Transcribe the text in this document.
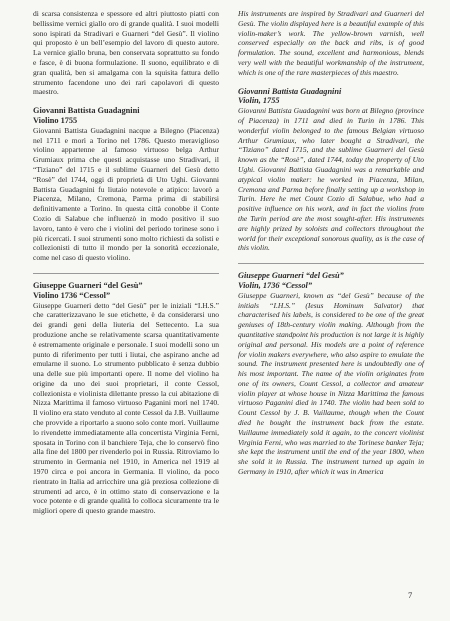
di scarsa consistenza e spessore ed altri piuttosto piatti con bellissime vernici giallo oro di grande qualità. I suoi modelli sono ispirati da Stradivari e Guarneri “del Gesù”. Il violino qui proposto è un bell’esempio del lavoro di questo autore. La vernice giallo bruna, ben conservata soprattutto su fondo e fasce, è di buona formulazione. Il suono, equilibrato e di gran qualità, ben si amalgama con la squisita fattura dello strumento facendone uno dei rari capolavori di questo maestro.

Giovanni Battista Guadagnini
Violino 1755

Giovanni Battista Guadagnini nacque a Bilegno (Piacenza) nel 1711 e morì a Torino nel 1786. Questo meraviglioso violino appartenne al famoso virtuoso belga Arthur Grumiaux prima che questi acquistasse uno Stradivari, il “Tiziano” del 1715 e il sublime Guarneri del Gesù detto “Rosè” del 1744, oggi di proprietà di Uto Ughi. Giovanni Battista Guadagnini fu liutaio notevole e atipico: lavorò a Piacenza, Milano, Cremona, Parma prima di stabilirsi definitivamente a Torino. In questa città conobbe il Conte Cozio di Salabue che influenzò in modo positivo il suo lavoro, tanto è vero che i violini del periodo torinese sono i più ricercati. I suoi strumenti sono molto richiesti da solisti e collezionisti di tutto il mondo per la sonorità eccezionale, come nel caso di questo violino.

Giuseppe Guarneri “del Gesù”
Violino 1736 “Cessol”

Giuseppe Guarneri detto “del Gesù” per le iniziali “I.H.S.” che caratterizzavano le sue etichette, è da considerarsi uno dei grandi geni della liuteria del Settecento. La sua produzione anche se relativamente scarsa quantitativamente è estremamente originale e personale. I suoi modelli sono un punto di riferimento per tutti i liutai, che aspirano anche ad emularne il suono. Lo strumento pubblicato è senza dubbio una delle sue più importanti opere. Il nome del violino ha origine da uno dei suoi proprietari, il conte Cessol, collezionista e violinista dilettante presso la cui abitazione di Nizza Marittima il famoso virtuoso Paganini morì nel 1740. Il violino era stato venduto al conte Cessol da J.B. Vuillaume che provvide a riportarlo a suono solo conte morì. Vuillaume lo rivendette immediatamente alla concertista Virginia Ferni, sposata in Torino con il banchiere Teja, che lo conservò fino alla fine del 1800 per rivenderlo poi in Russia. Ritroviamo lo strumento in Germania nel 1910, in America nel 1919 al 1970 circa e poi ancora in Germania. Il violino, da poco rientrato in Italia ad arricchire una già preziosa collezione di strumenti ad arco, è in ottimo stato di conservazione e la voce potente e di grande qualità lo colloca sicuramente tra le migliori opere di questo grande maestro.

His instruments are inspired by Stradivari and Guarneri del Gesù. The violin displayed here is a beautiful example of this violin-maker’s work. The yellow-brown varnish, well conserved especially on the back and ribs, is of good formulation. The sound, excellent and harmonious, blends very well with the beautiful workmanship of the instrument, which is one of the rare masterpieces of this maestro.

Giovanni Battista Guadagnini
Violin, 1755

Giovanni Battista Guadagnini was born at Bilegno (province of Piacenza) in 1711 and died in Turin in 1786. This wonderful violin belonged to the famous Belgian virtuoso Arthur Grumiaux, who later bought a Stradivari, the “Tiziano” dated 1715, and the sublime Guarneri del Gesù known as the “Rosè”, dated 1744, today the property of Uto Ughi. Giovanni Battista Guadagnini was a remarkable and atypical violin maker: he worked in Piacenza, Milan, Cremona and Parma before finally setting up a workshop in Turin. Here he met Count Cozio di Salabue, who had a positive influence on his work, and in fact the violins from the Turin period are the most sought-after. His instruments are highly prized by soloists and collectors throughout the world for their exceptional sonorous quality, as is the case of this violin.

Giuseppe Guarneri “del Gesù”
Violin, 1736 “Cessol”

Giuseppe Guarneri, known as “del Gesù” because of the initials “I.H.S.” (Iesus Hominum Salvator) that characterised his labels, is considered to be one of the great geniuses of 18th-century violin making. Although from the quantitative standpoint his production is not large it is highly original and personal. His models are a point of reference for violin makers everywhere, who also aspire to emulate the sound. The instrument presented here is undoubtedly one of his most important. The name of the violin originates from one of its owners, Count Cessol, a collector and amateur violin player at whose house in Nizza Marittima the famous virtuoso Paganini died in 1740. The violin had been sold to Count Cessol by J. B. Vuillaume, though when the Count died he bought the instrument back from the estate. Vuillaume immediately sold it again, to the concert violinist Virginia Ferni, who was married to the Torinese banker Teja; she kept the instrument until the end of the year 1800, when she sold it in Russia. The instrument turned up again in Germany in 1910, after which it was in America

7
